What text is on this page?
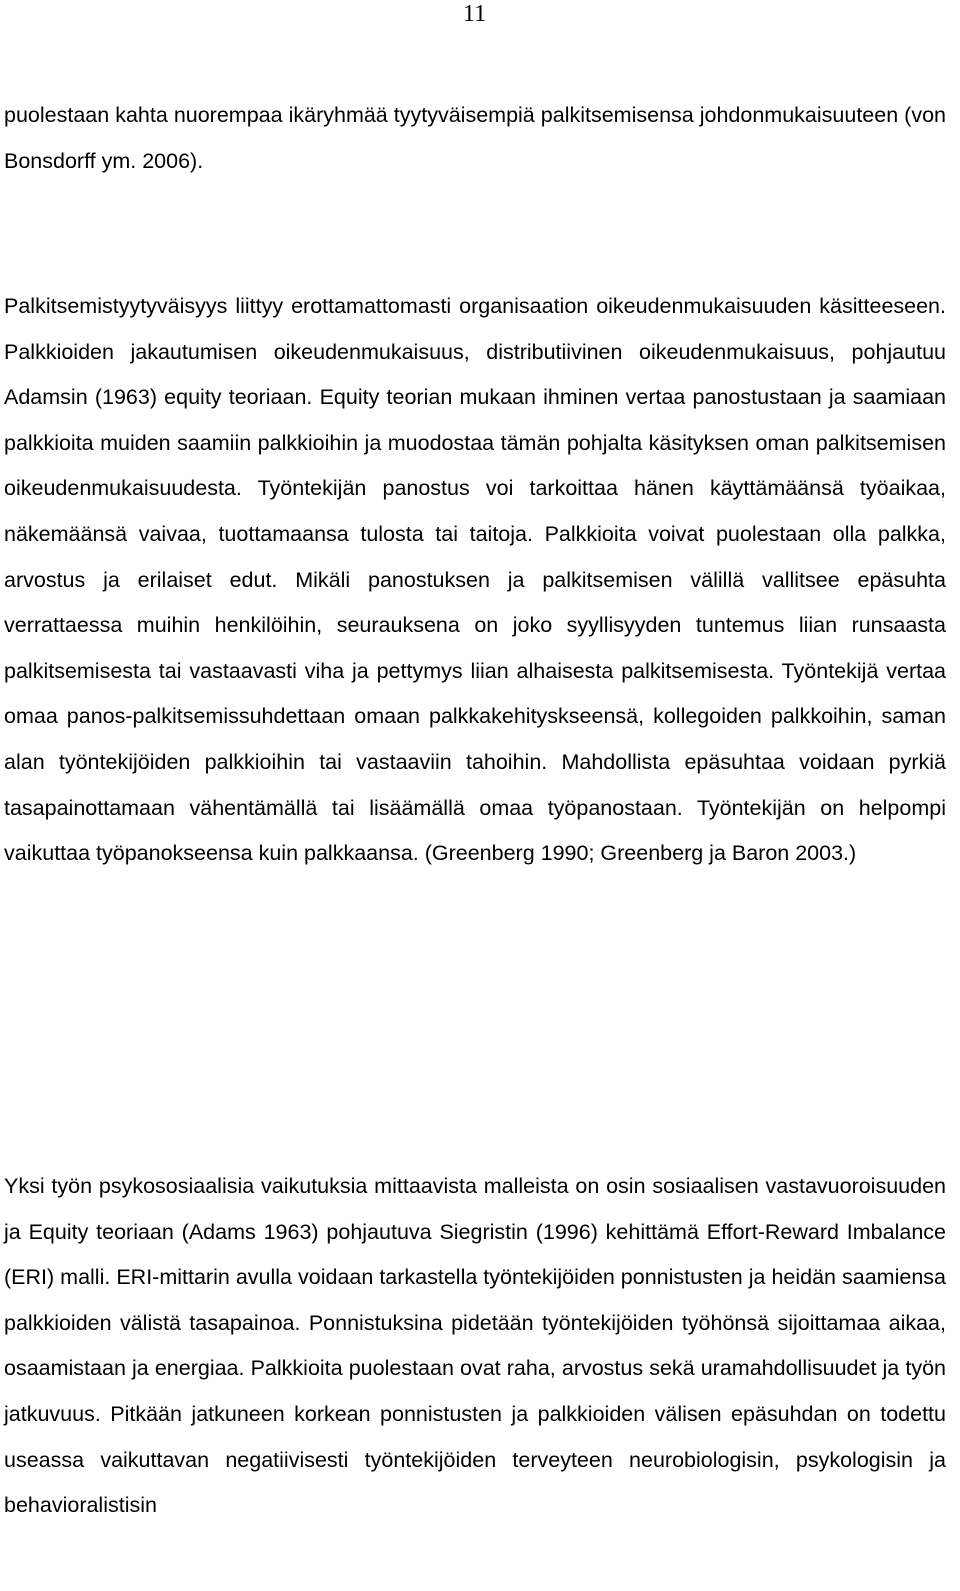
11

puolestaan kahta nuorempaa ikäryhmää tyytyväisempiä palkitsemisensa johdonmukaisuuteen (von Bonsdorff ym. 2006).

Palkitsemistyytyväisyys liittyy erottamattomasti organisaation oikeudenmukaisuuden käsitteeseen. Palkkioiden jakautumisen oikeudenmukaisuus, distributiivinen oikeudenmukaisuus, pohjautuu Adamsin (1963) equity teoriaan. Equity teorian mukaan ihminen vertaa panostustaan ja saamiaan palkkioita muiden saamiin palkkioihin ja muodostaa tämän pohjalta käsityksen oman palkitsemisen oikeudenmukaisuudesta. Työntekijän panostus voi tarkoittaa hänen käyttämäänsä työaikaa, näkemäänsä vaivaa, tuottamaansa tulosta tai taitoja. Palkkioita voivat puolestaan olla palkka, arvostus ja erilaiset edut. Mikäli panostuksen ja palkitsemisen välillä vallitsee epäsuhta verrattaessa muihin henkilöihin, seurauksena on joko syyllisyyden tuntemus liian runsaasta palkitsemisesta tai vastaavasti viha ja pettymys liian alhaisesta palkitsemisesta. Työntekijä vertaa omaa panos-palkitsemissuhdettaan omaan palkkakehityskseensä, kollegoiden palkkoihin, saman alan työntekijöiden palkkioihin tai vastaaviin tahoihin. Mahdollista epäsuhtaa voidaan pyrkiä tasapainottamaan vähentämällä tai lisäämällä omaa työpanostaan. Työntekijän on helpompi vaikuttaa työpanokseensa kuin palkkaansa. (Greenberg 1990; Greenberg ja Baron 2003.)

Yksi työn psykososiaalisia vaikutuksia mittaavista malleista on osin sosiaalisen vastavuoroisuuden ja Equity teoriaan (Adams 1963) pohjautuva Siegristin (1996) kehittämä Effort-Reward Imbalance (ERI) malli. ERI-mittarin avulla voidaan tarkastella työntekijöiden ponnistusten ja heidän saamiensa palkkioiden välistä tasapainoa. Ponnistuksina pidetään työntekijöiden työhönsä sijoittamaa aikaa, osaamistaan ja energiaa. Palkkioita puolestaan ovat raha, arvostus sekä uramahdollisuudet ja työn jatkuvuus. Pitkään jatkuneen korkean ponnistusten ja palkkioiden välisen epäsuhdan on todettu useassa vaikuttavan negatiivisesti työntekijöiden terveyteen neurobiologisin, psykologisin ja behavioralistisin
